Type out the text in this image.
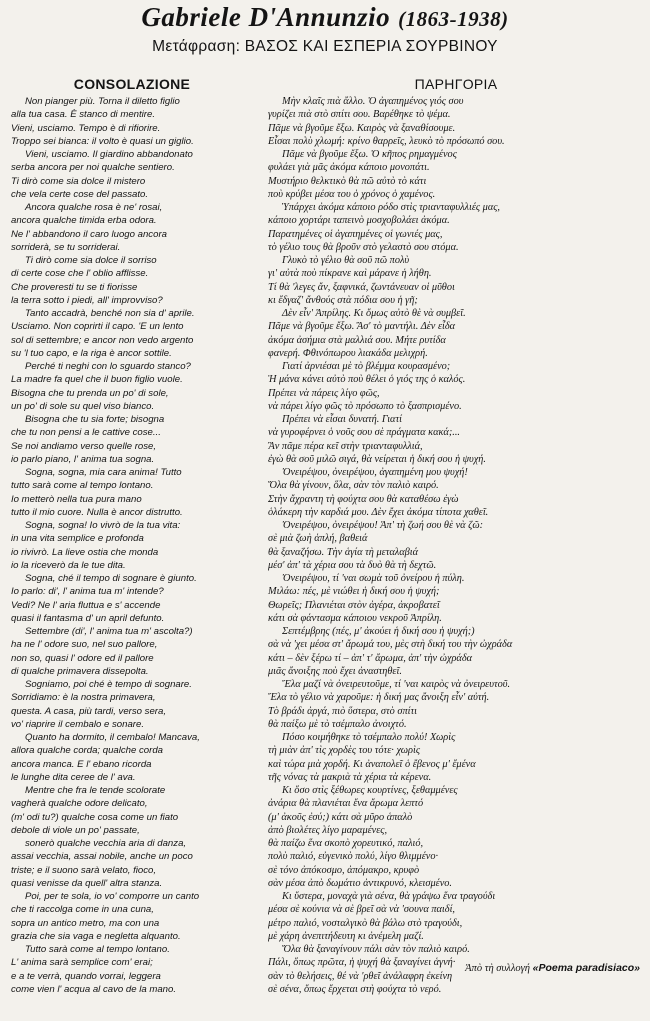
Gabriele D'Annunzio (1863-1938)
Μετάφραση: ΒΑΣΟΣ ΚΑΙ ΕΣΠΕΡΙΑ ΣΟΥΡΒΙΝΟΥ
CONSOLAZIONE
Non pianger più. Torna il diletto figlio
alla tua casa. È stanco di mentire.
Vieni, usciamo. Tempo è di rifiorire.
Troppo sei bianca: il volto è quasi un giglio.
Vieni, usciamo. Il giardino abbandonato
serba ancora per noi qualche sentiero.
Ti dirò come sia dolce il mistero
che vela certe cose del passato.
Ancora qualche rosa è ne' rosai,
ancora qualche timida erba odora.
Ne l' abbandono il caro luogo ancora
sorriderà, se tu sorriderai.
Ti dirò come sia dolce il sorriso
di certe cose che l' oblio afflisse.
Che proveresti tu se ti fiorisse
la terra sotto i piedi, all' improvviso?
Tanto accadrà, benché non sia d' aprile.
Usciamo. Non coprirti il capo. 'E un lento
sol di settembre; e ancor non vedo argento
su 'l tuo capo, e la riga è ancor sottile.
Perché ti neghi con lo sguardo stanco?
La madre fa quel che il buon figlio vuole.
Bisogna che tu prenda un po' di sole,
un po' di sole su quel viso bianco.
Bisogna che tu sia forte; bisogna
che tu non pensi a le cattive cose...
Se noi andiamo verso quelle rose,
io parlo piano, l' anima tua sogna.
Sogna, sogna, mia cara anima! Tutto
tutto sarà come al tempo lontano.
Io metterò nella tua pura mano
tutto il mio cuore. Nulla è ancor distrutto.
Sogna, sogna! Io vivrò de la tua vita:
in una vita semplice e profonda
io rivivrò. La lieve ostia che monda
io la riceverò da le tue dita.
Sogna, ché il tempo di sognare è giunto.
Io parlo: di', l' anima tua m' intende?
Vedi? Ne l' aria fluttua e s' accende
quasi il fantasma d' un april defunto.
Settembre (di', l' anima tua m' ascolta?)
ha ne l' odore suo, nel suo pallore,
non so, quasi l' odore ed il pallore
di qualche primavera dissepolta.
Sogniamo, poi ché è tempo di sognare.
Sorridiamo: è la nostra primavera,
questa. A casa, più tardi, verso sera,
vo' riaprire il cembalo e sonare.
Quanto ha dormito, il cembalo! Mancava,
allora qualche corda; qualche corda
ancora manca. E l' ebano ricorda
le lunghe dita ceree de l' ava.
Mentre che fra le tende scolorate
vagherà qualche odore delicato,
(m' odi tu?) qualche cosa come un fiato
debole di viole un po' passate,
sonerò qualche vecchia aria di danza,
assai vecchia, assai nobile, anche un poco
triste; e il suono sarà velato, fioco,
quasi venisse da quell' altra stanza.
Poi, per te sola, io vo' comporre un canto
che ti raccolga come in una cuna,
sopra un antico metro, ma con una
grazia che sia vaga e negletta alquanto.
Tutto sarà come al tempo lontano.
L' anima sarà semplice com' erai;
e a te verrà, quando vorrai, leggera
come vien l' acqua al cavo de la mano.
ΠΑΡΗΓΟΡΙΑ
Μὴν κλαῖς πιὰ ἄλλο. Ὁ ἀγαπημένος γιός σου
γυρίζει πιὰ στὸ σπίτι σου. Βαρέθηκε τὸ ψέμα.
Πᾶμε νὰ βγοῦμε ἔξω. Καιρὸς νὰ ξαναθίσουμε.
Εἶσαι πολὺ χλωμή: κρίνο θαρρεῖς, λευκὸ τὸ πρόσωπό σου.
Πᾶμε νὰ βγοῦμε ἔξω. Ὁ κῆπος ρημαγμένος
φυλάει γιὰ μᾶς ἀκόμα κάποιο μονοπάτι.
Μυστήριο θελκτικὸ θὰ πῶ αὐτὸ τὸ κάτι
ποὺ κρύβει μέσα του ὁ χρόνος ὁ χαμένος.
Ὑπάρχει ἀκόμα κάποιο ρόδο στὶς τριανταφυλλιές μας,
κάποιο χορτάρι ταπεινὸ μοσχοβολάει ἀκόμα.
Παρατημένες οἱ ἀγαπημένες οἱ γωνιές μας,
τὸ γέλιο τους θὰ βροῦν στὸ γελαστὸ σου στόμα.
Γλυκὸ τὸ γέλιο θὰ σοῦ πῶ πολὺ
γι' αὐτὰ ποὺ πίκρανε καὶ μάρανε ἡ λήθη.
Τί θὰ 'λεγες ἄν, ξαφνικά, ζωντάνευαν οἱ μῦθοι
κι ἔδγαζ' ἄνθούς στὰ πόδια σου ἡ γῆ;
Δὲν εἶν' Ἀπρίλης. Κι ὅμως αὐτὸ θὲ νὰ συμβεῖ.
Πᾶμε νὰ βγοῦμε ἔξω. Ἄσ' τὸ μαντήλι. Δὲν εἶδα
ἀκόμα ἀσήμια στὰ μαλλιά σου. Μήτε ρυτίδα
φανερή. Φθινόπωρου λιακάδα μελιχρή.
Γιατί ἀρνιέσαι μὲ τὸ βλέμμα κουρασμένο;
Ἡ μάνα κάνει αὐτὸ ποὺ θέλει ὁ γιός της ὁ καλός.
Πρέπει νὰ πάρεις λίγο φῶς,
νὰ πάρει λίγο φῶς τὸ πρόσωπο τὸ ξασπρισμένο.
Πρέπει νὰ εἶσαι δυνατή. Γιατί
νὰ γυροφέρνει ὁ νοῦς σου σὲ πράγματα κακά;...
Ἂν πᾶμε πέρα κεῖ στὴν τριανταφυλλιά,
ἐγὼ θὰ σοῦ μιλῶ σιγά, θὰ νείρεται ἡ δική σου ἡ ψυχή.
Ὀνειρέψου, ὀνειρέψου, ἀγαπημένη μου ψυχή!
Ὅλα θὰ γίνουν, ὅλα, σὰν τὸν παλιὸ καιρό.
Στὴν ἄχραντη τὴ φούχτα σου θὰ καταθέσω ἐγὼ
ὁλάκερη τὴν καρδιά μου. Δὲν ἔχει ἀκόμα τίποτα χαθεῖ.
Ὀνειρέψου, ὀνειρέψου! Ἀπ' τὴ ζωή σου θὲ νὰ ζῶ:
σὲ μιὰ ζωὴ ἁπλή, βαθειά
θὰ ξαναζήσω. Τὴν ἁγία τὴ μεταλαβιά
μέσ' ἀπ' τὰ χέρια σου τὰ δυὸ θὰ τὴ δεχτῶ.
Ὀνειρέψου, τί 'ναι σωμὰ τοῦ ὀνείρου ἡ πύλη.
Μιλάω: πές, μὲ νιώθει ἡ δική σου ἡ ψυχή;
Θωρεῖς; Πλανιέται στὸν ἀγέρα, ἀκροβατεῖ
κάτι σὰ φάντασμα κάποιου νεκροῦ Ἀπρίλη.
Σεπτέμβρης (πές, μ' ἀκούει ἡ δική σου ἡ ψυχή;)
σὰ νὰ 'χει μέσα στ' ἄρωμά του, μὲς στὴ δική του τὴν ὠχράδα
κάτι – δὲν ξέρω τί – ἀπ' τ' ἄρωμα, ἀπ' τὴν ὠχράδα
μιᾶς ἄνοιξης ποὺ ἔχει ἀναστηθεῖ.
Ἔλα μαζί νὰ ὀνειρευτοῦμε, τί 'ναι καιρὸς νὰ ὀνειρευτοῦ.
Ἔλα τὸ γέλιο νὰ χαροῦμε: ἡ δική μας ἄνοιξη εἶν' αὐτή.
Τὸ βράδι ἀργά, πιὸ ὕστερα, στὸ σπίτι
θὰ παίξω μὲ τὸ τσέμπαλο ἀνοιχτό.
Πόσο κοιμήθηκε τὸ τσέμπαλο πολύ! Χωρὶς
τὴ μιὰν ἀπ' τὶς χορδὲς του τότε· χωρὶς
καὶ τώρα μιὰ χορδή. Κι ἀναπολεῖ ὁ ἔβενος μ' ἔμένα
τῆς νόνας τὰ μακριὰ τὰ χέρια τὰ κέρενα.
Κι ὅσο στὶς ξέθωρες κουρτίνες, ξεθαμμένες
ἀνάρια θὰ πλανιέται ἕνα ἄρωμα λεπτό
(μ' ἀκοῦς ἐσύ;) κάτι σὰ μῦρο ἁπαλὸ
ἀπὸ βιολέτες λίγο μαραμένες,
θὰ παίζω ἕνα σκοπὸ χορευτικό, παλιό,
πολὺ παλιό, εὐγενικὸ πολύ, λίγο θλιμμένο·
σὲ τόνο ἀπόκοσμο, ἀπόμακρο, κρυφὸ
σὰν μέσα ἀπὸ δωμάτιο ἀντικρυνό, κλεισμένο.
Κι ὕστερα, μοναχὰ γιὰ σένα, θὰ γράψω ἕνα τραγούδι
μέσα σὲ κούνια νὰ σὲ βρεῖ σὰ νὰ 'σουνα παιδί,
μέτρο παλιό, νοσταλγικὸ θὰ βάλω στὸ τραγούδι,
μὲ χάρη ἀνεπιτήδευτη κι ἀνέμελη μαζί.
Ὅλα θὰ ξαναγίνουν πάλι σὰν τὸν παλιὸ καιρό.
Πάλι, ὅπως πρῶτα, ἡ ψυχή θὰ ξαναγίνει ἁγνή·
σὰν τὸ θελήσεις, θέ νὰ 'ρθεῖ ἀνάλαφρη ἐκείνη
σὲ σένα, ὅπως ἔρχεται στὴ φούχτα τὸ νερό.
Ἀπὸ τὴ συλλογή «Poema paradisiaco»
